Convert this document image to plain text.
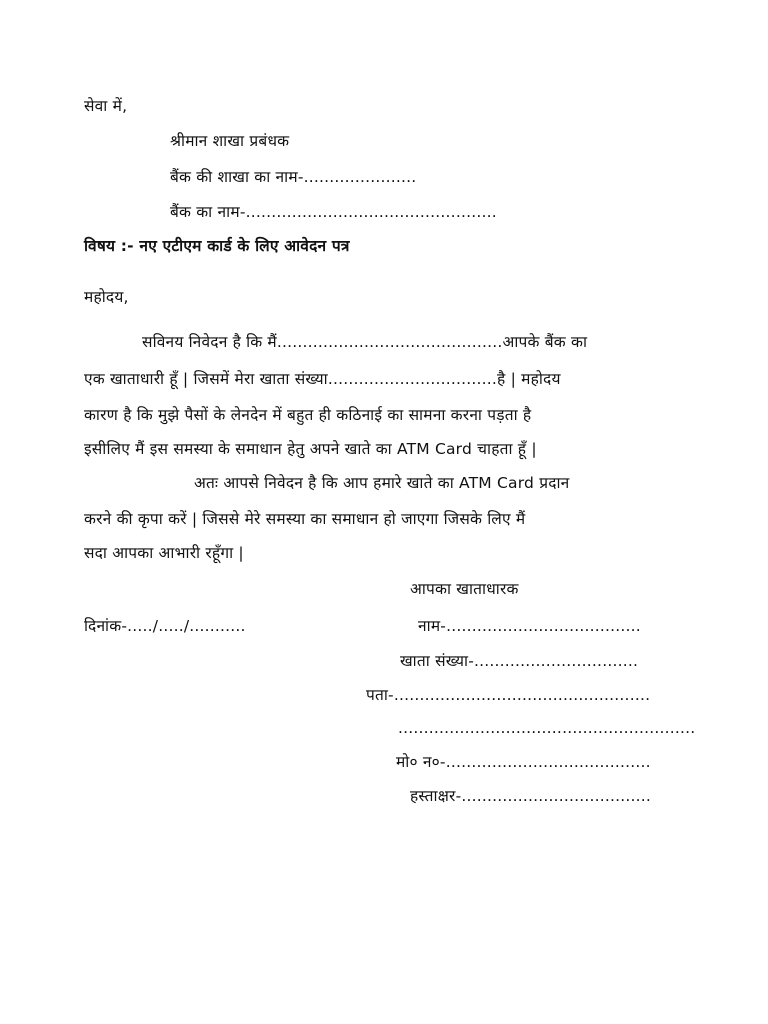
सेवा में,
श्रीमान शाखा प्रबंधक
बैंक की शाखा का नाम-......................
बैंक का नाम-.................................................
विषय :- नए एटीएम कार्ड के लिए आवेदन पत्र
महोदय,
सविनय निवेदन है कि मैं............................................आपके बैंक का
एक खाताधारी हूँ | जिसमें मेरा खाता संख्या.................................है | महोदय
कारण है कि मुझे पैसों के लेनदेन में बहुत ही कठिनाई का सामना करना पड़ता है
इसीलिए मैं इस समस्या के समाधान हेतु अपने खाते का ATM Card चाहता हूँ |
अतः आपसे निवेदन है कि आप हमारे खाते का ATM Card प्रदान
करने की कृपा करें | जिससे मेरे समस्या का समाधान हो जाएगा जिसके लिए मैं
सदा आपका आभारी रहूँगा |
आपका खाताधारक
दिनांक-...../...../...........	नाम-......................................
खाता संख्या-................................
पता-..................................................
..........................................................
मो० न०-........................................
हस्ताक्षर-.....................................
